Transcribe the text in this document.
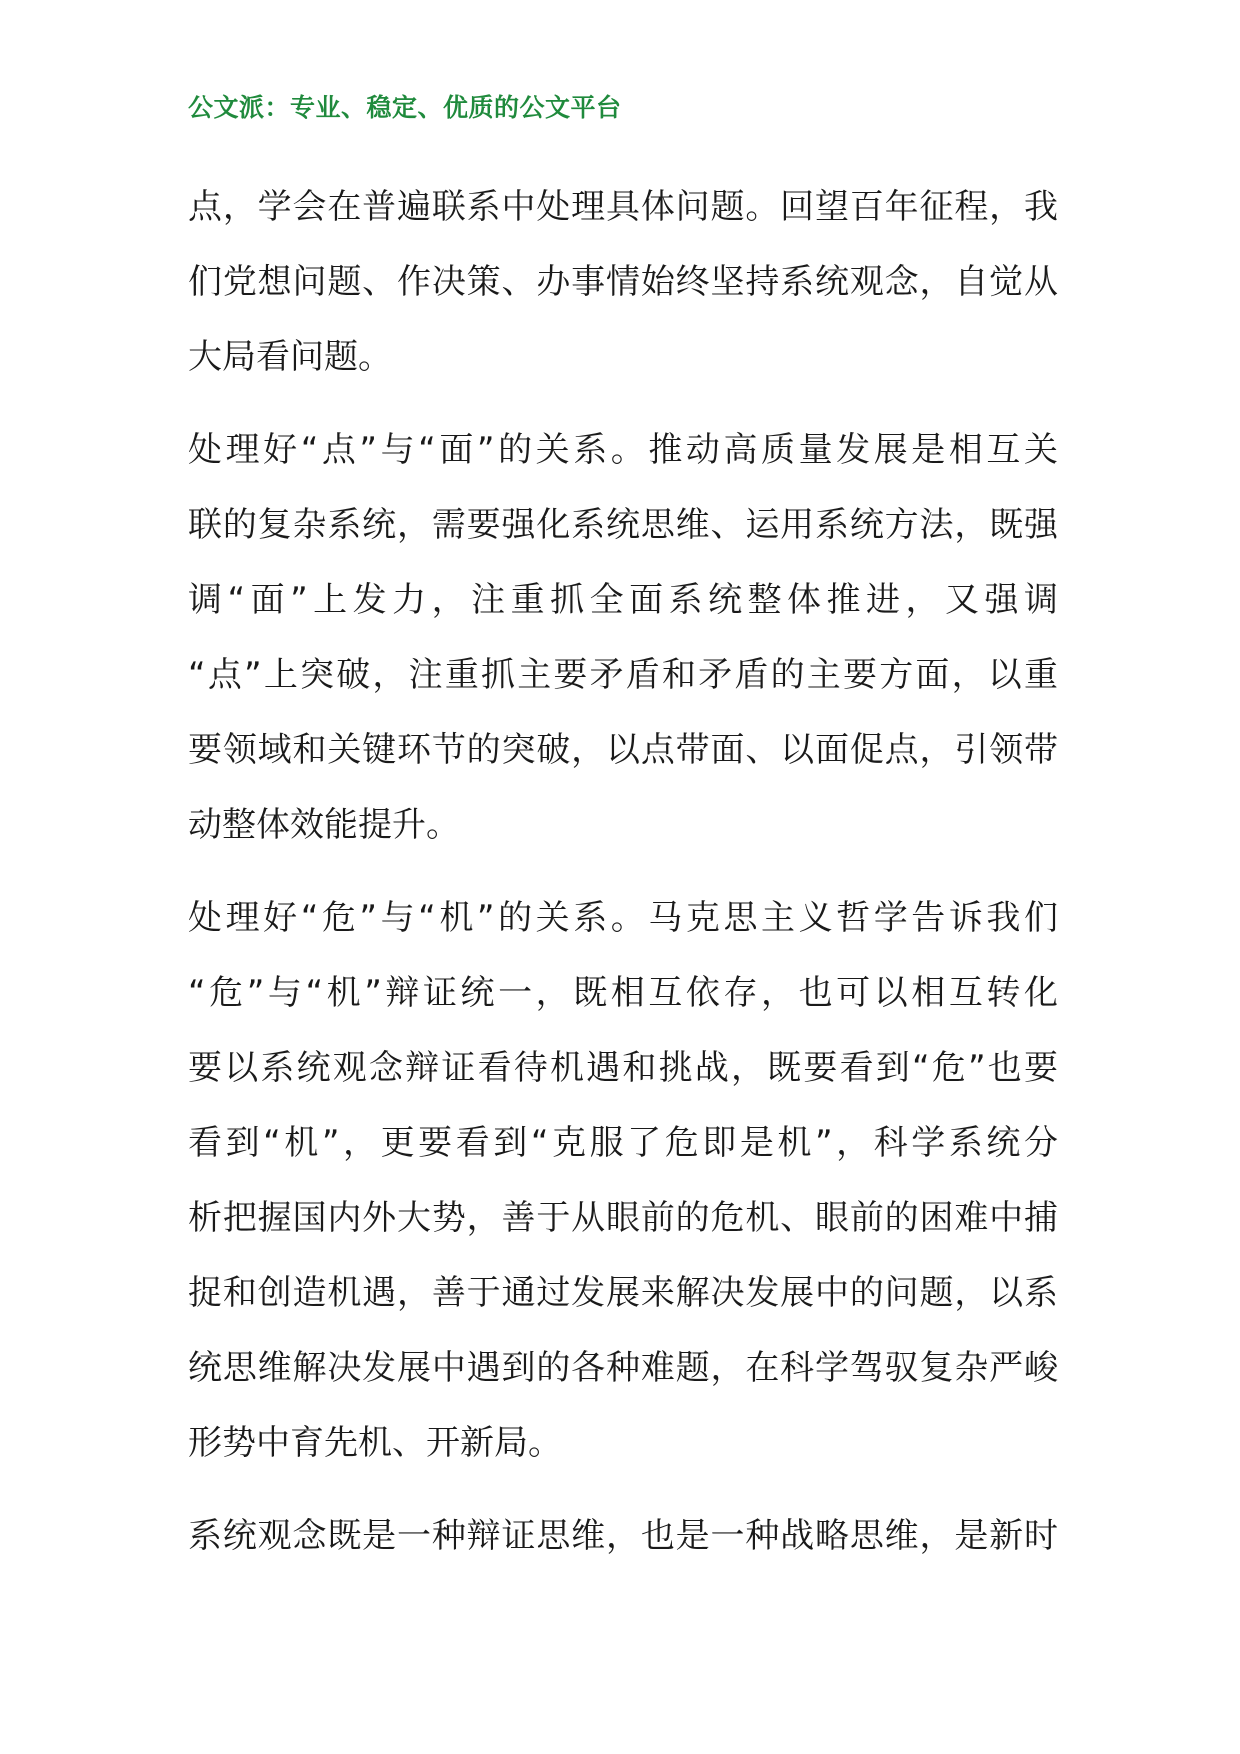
公文派：专业、稳定、优质的公文平台
点，学会在普遍联系中处理具体问题。回望百年征程，我
们党想问题、作决策、办事情始终坚持系统观念，自觉从
大局看问题。
处理好“点”与“面”的关系。推动高质量发展是相互关
联的复杂系统，需要强化系统思维、运用系统方法，既强
调“面”上发力，注重抓全面系统整体推进，又强调
“点”上突破，注重抓主要矛盾和矛盾的主要方面，以重
要领域和关键环节的突破，以点带面、以面促点，引领带
动整体效能提升。
处理好“危”与“机”的关系。马克思主义哲学告诉我们
“危”与“机”辩证统一，既相互依存，也可以相互转化
要以系统观念辩证看待机遇和挑战，既要看到“危”也要
看到“机”，更要看到“克服了危即是机”，科学系统分
析把握国内外大势，善于从眼前的危机、眼前的困难中捕
捉和创造机遇，善于通过发展来解决发展中的问题，以系
统思维解决发展中遇到的各种难题，在科学驾驭复杂严峻
形势中育先机、开新局。
系统观念既是一种辩证思维，也是一种战略思维，是新时
